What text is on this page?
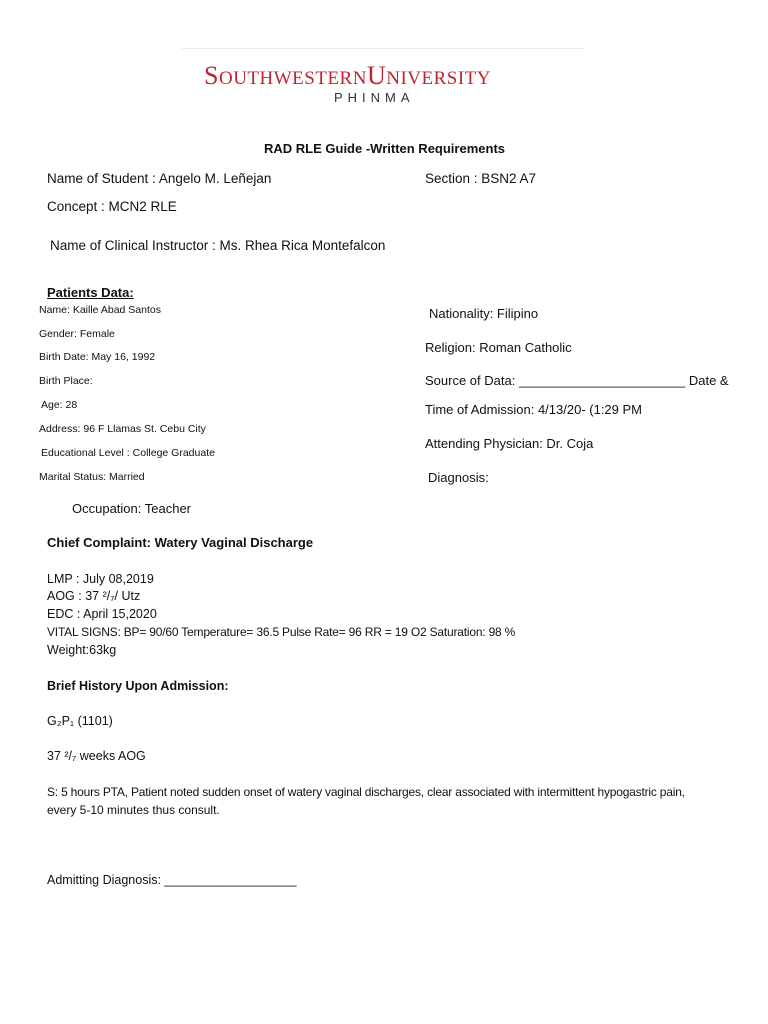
SOUTHWESTERNUNIVERSITY
PHINMA
RAD RLE Guide -Written Requirements
Name of Student : Angelo M. Leñejan	Section : BSN2 A7
Concept : MCN2 RLE
Name of Clinical Instructor : Ms. Rhea Rica Montefalcon
Patients Data:
Name: Kaille Abad Santos
Gender: Female
Birth Date: May 16, 1992
Birth Place:
Age: 28
Address: 96 F Llamas St. Cebu City
Educational Level : College Graduate
Marital Status: Married
Occupation: Teacher
Nationality: Filipino
Religion: Roman Catholic
Source of Data: _______________________ Date &
Time of Admission: 4/13/20- (1:29 PM
Attending Physician: Dr. Coja
Diagnosis:
Chief Complaint: Watery Vaginal Discharge
LMP : July 08,2019
AOG : 37 ²/₇/ Utz
EDC : April 15,2020
VITAL SIGNS: BP= 90/60 Temperature= 36.5 Pulse Rate= 96 RR = 19 O2 Saturation: 98 %
Weight:63kg
Brief History Upon Admission:
G₂P₁ (1101)
37 ²/₇ weeks AOG
S: 5 hours PTA, Patient noted sudden onset of watery vaginal discharges, clear associated with intermittent hypogastric pain,
every 5-10 minutes thus consult.
Admitting Diagnosis: ___________________
